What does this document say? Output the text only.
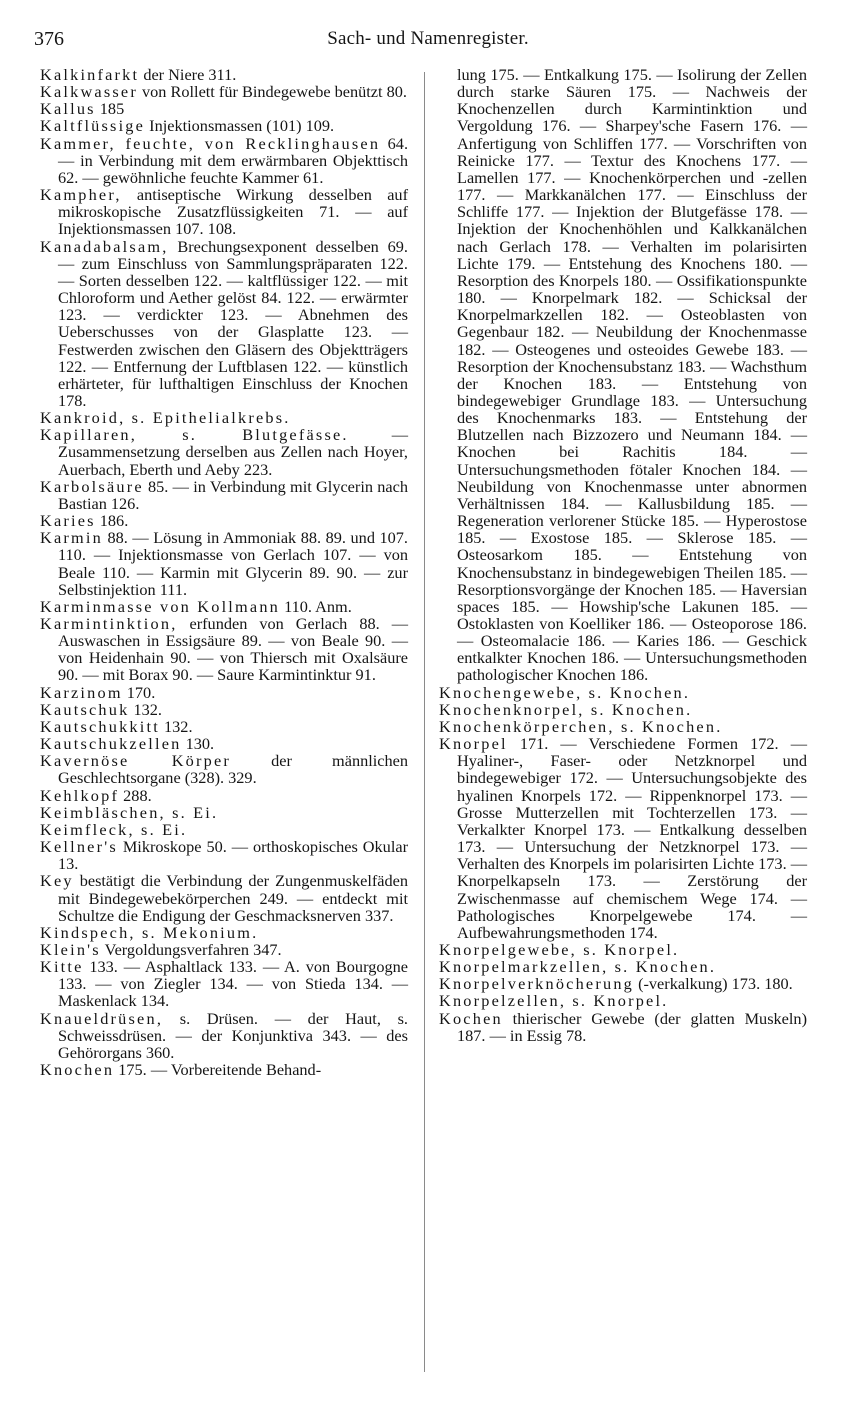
376	Sach- und Namenregister.
Kalkinfarkt der Niere 311.
Kalkwasser von Rollett für Bindegewebe benützt 80.
Kallus 185
Kaltflüssige Injektionsmassen (101) 109.
Kammer, feuchte, von Recklinghausen 64. — in Verbindung mit dem erwärmbaren Objekttisch 62. — gewöhnliche feuchte Kammer 61.
Kampher, antiseptische Wirkung desselben auf mikroskopische Zusatzflüssigkeiten 71. — auf Injektionsmassen 107. 108.
Kanadabalsam, Brechungsexponent desselben 69. — zum Einschluss von Sammlungspräparaten 122. — Sorten desselben 122. — kaltflüssiger 122. — mit Chloroform und Aether gelöst 84. 122. — erwärmter 123. — verdickter 123. — Abnehmen des Ueberschusses von der Glasplatte 123. — Festwerden zwischen den Gläsern des Objektträgers 122. — Entfernung der Luftblasen 122. — künstlich erhärteter, für lufthaltigen Einschluss der Knochen 178.
Kankroid, s. Epithelialkrebs.
Kapillaren, s. Blutgefässe. — Zusammensetzung derselben aus Zellen nach Hoyer, Auerbach, Eberth und Aeby 223.
Karbolsäure 85. — in Verbindung mit Glycerin nach Bastian 126.
Karies 186.
Karmin 88. — Lösung in Ammoniak 88. 89. und 107. 110. — Injektionsmasse von Gerlach 107. — von Beale 110. — Karmin mit Glycerin 89. 90. — zur Selbstinjektion 111.
Karminmasse von Kollmann 110. Anm.
Karmintinktion, erfunden von Gerlach 88. — Auswaschen in Essigsäure 89. — von Beale 90. — von Heidenhain 90. — von Thiersch mit Oxalsäure 90. — mit Borax 90. — Saure Karmintinktur 91.
Karzinom 170.
Kautschuk 132.
Kautschukkitt 132.
Kautschukzellen 130.
Kavernöse Körper der männlichen Geschlechtsorgane (328). 329.
Kehlkopf 288.
Keimbläschen, s. Ei.
Keimfleck, s. Ei.
Kellner's Mikroskope 50. — orthoskopisches Okular 13.
Key bestätigt die Verbindung der Zungenmuskelfäden mit Bindegewebekörperchen 249. — entdeckt mit Schultze die Endigung der Geschmacksnerven 337.
Kindspech, s. Mekonium.
Klein's Vergoldungsverfahren 347.
Kitte 133. — Asphaltlack 133. — A. von Bourgogne 133. — von Ziegler 134. — von Stieda 134. — Maskenlack 134.
Knaueldrüsen, s. Drüsen. — der Haut, s. Schweissdrüsen. — der Konjunktiva 343. — des Gehörorgans 360.
Knochen 175. — Vorbereitende Behand-
lung 175. — Entkalkung 175. — Isolirung der Zellen durch starke Säuren 175. — Nachweis der Knochenzellen durch Karmintinktion und Vergoldung 176. — Sharpey'sche Fasern 176. — Anfertigung von Schliffen 177. — Vorschriften von Reinicke 177. — Textur des Knochens 177. — Lamellen 177. — Knochenkörperchen und -zellen 177. — Markkanälchen 177. — Einschluss der Schliffe 177. — Injektion der Blutgefässe 178. — Injektion der Knochenhöhlen und Kalkkanälchen nach Gerlach 178. — Verhalten im polarisirten Lichte 179. — Entstehung des Knochens 180. — Resorption des Knorpels 180. — Ossifikationspunkte 180. — Knorpelmark 182. — Schicksal der Knorpelmarkzellen 182. — Osteoblasten von Gegenbaur 182. — Neubildung der Knochenmasse 182. — Osteogenes und osteoides Gewebe 183. — Resorption der Knochensubstanz 183. — Wachsthum der Knochen 183. — Entstehung von bindegewebiger Grundlage 183. — Untersuchung des Knochenmarks 183. — Entstehung der Blutzellen nach Bizzozero und Neumann 184. — Knochen bei Rachitis 184. — Untersuchungsmethoden fötaler Knochen 184. — Neubildung von Knochenmasse unter abnormen Verhältnissen 184. — Kallusbildung 185. — Regeneration verlorener Stücke 185. — Hyperostose 185. — Exostose 185. — Sklerose 185. — Osteosarkom 185. — Entstehung von Knochensubstanz in bindegewebigen Theilen 185. — Resorptionsvorgänge der Knochen 185. — Haversian spaces 185. — Howship'sche Lakunen 185. — Ostoklasten von Koelliker 186. — Osteoporose 186. — Osteomalacie 186. — Karies 186. — Geschick entkalkter Knochen 186. — Untersuchungsmethoden pathologischer Knochen 186.
Knochengewebe, s. Knochen.
Knochenknorpel, s. Knochen.
Knochenkörperchen, s. Knochen.
Knorpel 171. — Verschiedene Formen 172. — Hyaliner-, Faser- oder Netzknorpel und bindegewebiger 172. — Untersuchungsobjekte des hyalinen Knorpels 172. — Rippenknorpel 173. — Grosse Mutterzellen mit Tochterzellen 173. — Verkalkter Knorpel 173. — Entkalkung desselben 173. — Untersuchung der Netzknorpel 173. — Verhalten des Knorpels im polarisirten Lichte 173. — Knorpelkapseln 173. — Zerstörung der Zwischenmasse auf chemischem Wege 174. — Pathologisches Knorpelgewebe 174. — Aufbewahrungsmethoden 174.
Knorpelgewebe, s. Knorpel.
Knorpelmarkzellen, s. Knochen.
Knorpelverknöcherung (-verkalkung) 173. 180.
Knorpelzellen, s. Knorpel.
Kochen thierischer Gewebe (der glatten Muskeln) 187. — in Essig 78.
